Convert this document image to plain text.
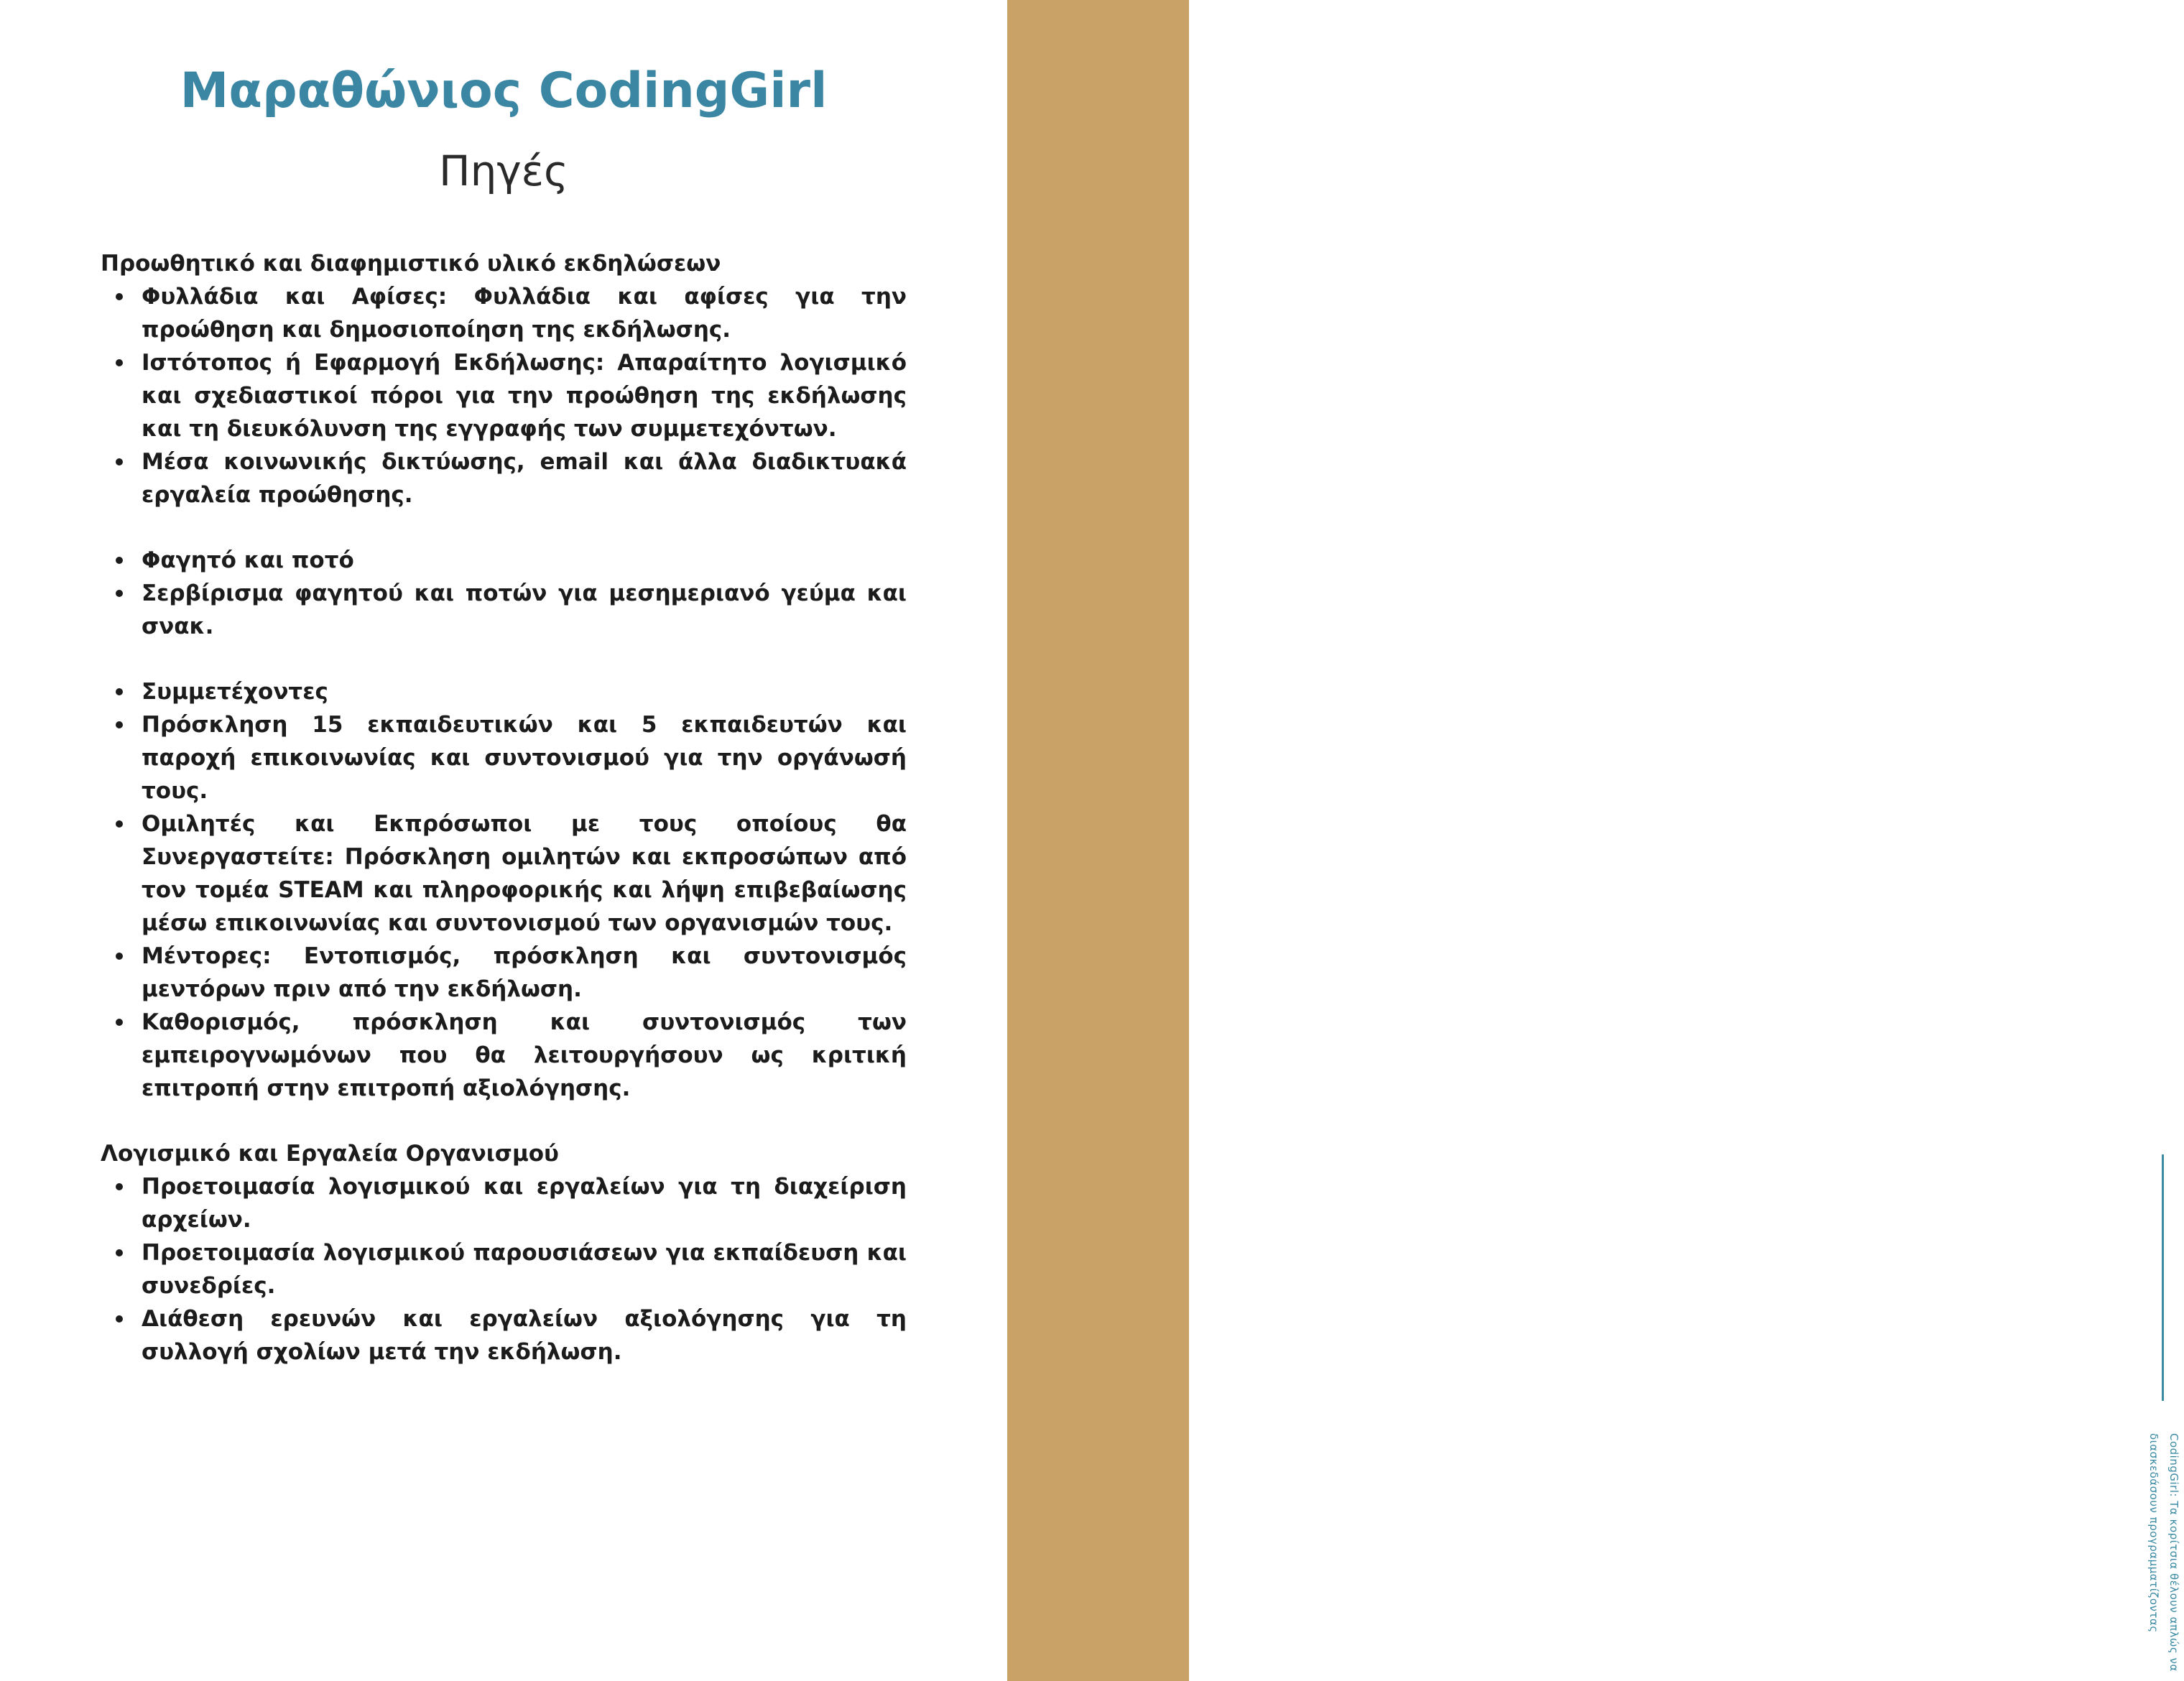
CodingGirl: Τα κορίτσια θέλουν απλώς να διασκεδάσουν προγραμματίζοντας
Μαραθώνιος CodingGirl
Πηγές

Προωθητικό και διαφημιστικό υλικό εκδηλώσεων

Φυλλάδια και Αφίσες: Φυλλάδια και αφίσες για την προώθηση και δημοσιοποίηση της εκδήλωσης.
Ιστότοπος ή Εφαρμογή Εκδήλωσης: Απαραίτητο λογισμικό και σχεδιαστικοί πόροι για την προώθηση της εκδήλωσης και τη διευκόλυνση της εγγραφής των συμμετεχόντων.
Μέσα κοινωνικής δικτύωσης, email και άλλα διαδικτυακά εργαλεία προώθησης.
Φαγητό και ποτό
Σερβίρισμα φαγητού και ποτών για μεσημεριανό γεύμα και σνακ.
Συμμετέχοντες
Πρόσκληση 15 εκπαιδευτικών και 5 εκπαιδευτών και παροχή επικοινωνίας και συντονισμού για την οργάνωσή τους.
Ομιλητές και Εκπρόσωποι με τους οποίους θα Συνεργαστείτε: Πρόσκληση ομιλητών και εκπροσώπων από τον τομέα STEAM και πληροφορικής και λήψη επιβεβαίωσης μέσω επικοινωνίας και συντονισμού των οργανισμών τους.
Μέντορες: Εντοπισμός, πρόσκληση και συντονισμός μεντόρων πριν από την εκδήλωση.
Καθορισμός, πρόσκληση και συντονισμός των εμπειρογνωμόνων που θα λειτουργήσουν ως κριτική επιτροπή στην επιτροπή αξιολόγησης.

Λογισμικό και Εργαλεία Οργανισμού

Προετοιμασία λογισμικού και εργαλείων για τη διαχείριση αρχείων.
Προετοιμασία λογισμικού παρουσιάσεων για εκπαίδευση και συνεδρίες.
Διάθεση ερευνών και εργαλείων αξιολόγησης για τη συλλογή σχολίων μετά την εκδήλωση.
